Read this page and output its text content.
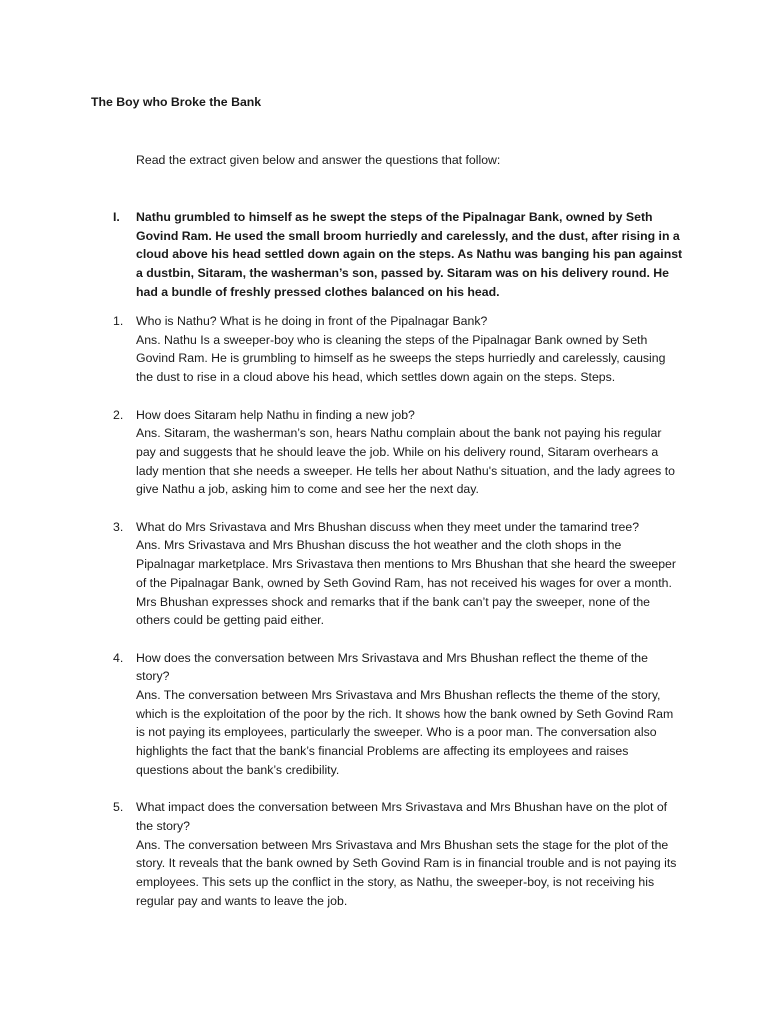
The Boy who Broke the Bank
Read the extract given below and answer the questions that follow:
I. Nathu grumbled to himself as he swept the steps of the Pipalnagar Bank, owned by Seth Govind Ram. He used the small broom hurriedly and carelessly, and the dust, after rising in a cloud above his head settled down again on the steps. As Nathu was banging his pan against a dustbin, Sitaram, the washerman’s son, passed by. Sitaram was on his delivery round. He had a bundle of freshly pressed clothes balanced on his head.
1. Who is Nathu? What is he doing in front of the Pipalnagar Bank?

Ans. Nathu Is a sweeper-boy who is cleaning the steps of the Pipalnagar Bank owned by Seth Govind Ram. He is grumbling to himself as he sweeps the steps hurriedly and carelessly, causing the dust to rise in a cloud above his head, which settles down again on the steps. Steps.

2. How does Sitaram help Nathu in finding a new job?

Ans. Sitaram, the washerman’s son, hears Nathu complain about the bank not paying his regular pay and suggests that he should leave the job. While on his delivery round, Sitaram overhears a lady mention that she needs a sweeper. He tells her about Nathu's situation, and the lady agrees to give Nathu a job, asking him to come and see her the next day.

3. What do Mrs Srivastava and Mrs Bhushan discuss when they meet under the tamarind tree?

Ans. Mrs Srivastava and Mrs Bhushan discuss the hot weather and the cloth shops in the Pipalnagar marketplace. Mrs Srivastava then mentions to Mrs Bhushan that she heard the sweeper of the Pipalnagar Bank, owned by Seth Govind Ram, has not received his wages for over a month. Mrs Bhushan expresses shock and remarks that if the bank can’t pay the sweeper, none of the others could be getting paid either.

4. How does the conversation between Mrs Srivastava and Mrs Bhushan reflect the theme of the story?

Ans. The conversation between Mrs Srivastava and Mrs Bhushan reflects the theme of the story, which is the exploitation of the poor by the rich. It shows how the bank owned by Seth Govind Ram is not paying its employees, particularly the sweeper. Who is a poor man. The conversation also highlights the fact that the bank’s financial Problems are affecting its employees and raises questions about the bank’s credibility.

5. What impact does the conversation between Mrs Srivastava and Mrs Bhushan have on the plot of the story?

Ans. The conversation between Mrs Srivastava and Mrs Bhushan sets the stage for the plot of the story. It reveals that the bank owned by Seth Govind Ram is in financial trouble and is not paying its employees. This sets up the conflict in the story, as Nathu, the sweeper-boy, is not receiving his regular pay and wants to leave the job.
